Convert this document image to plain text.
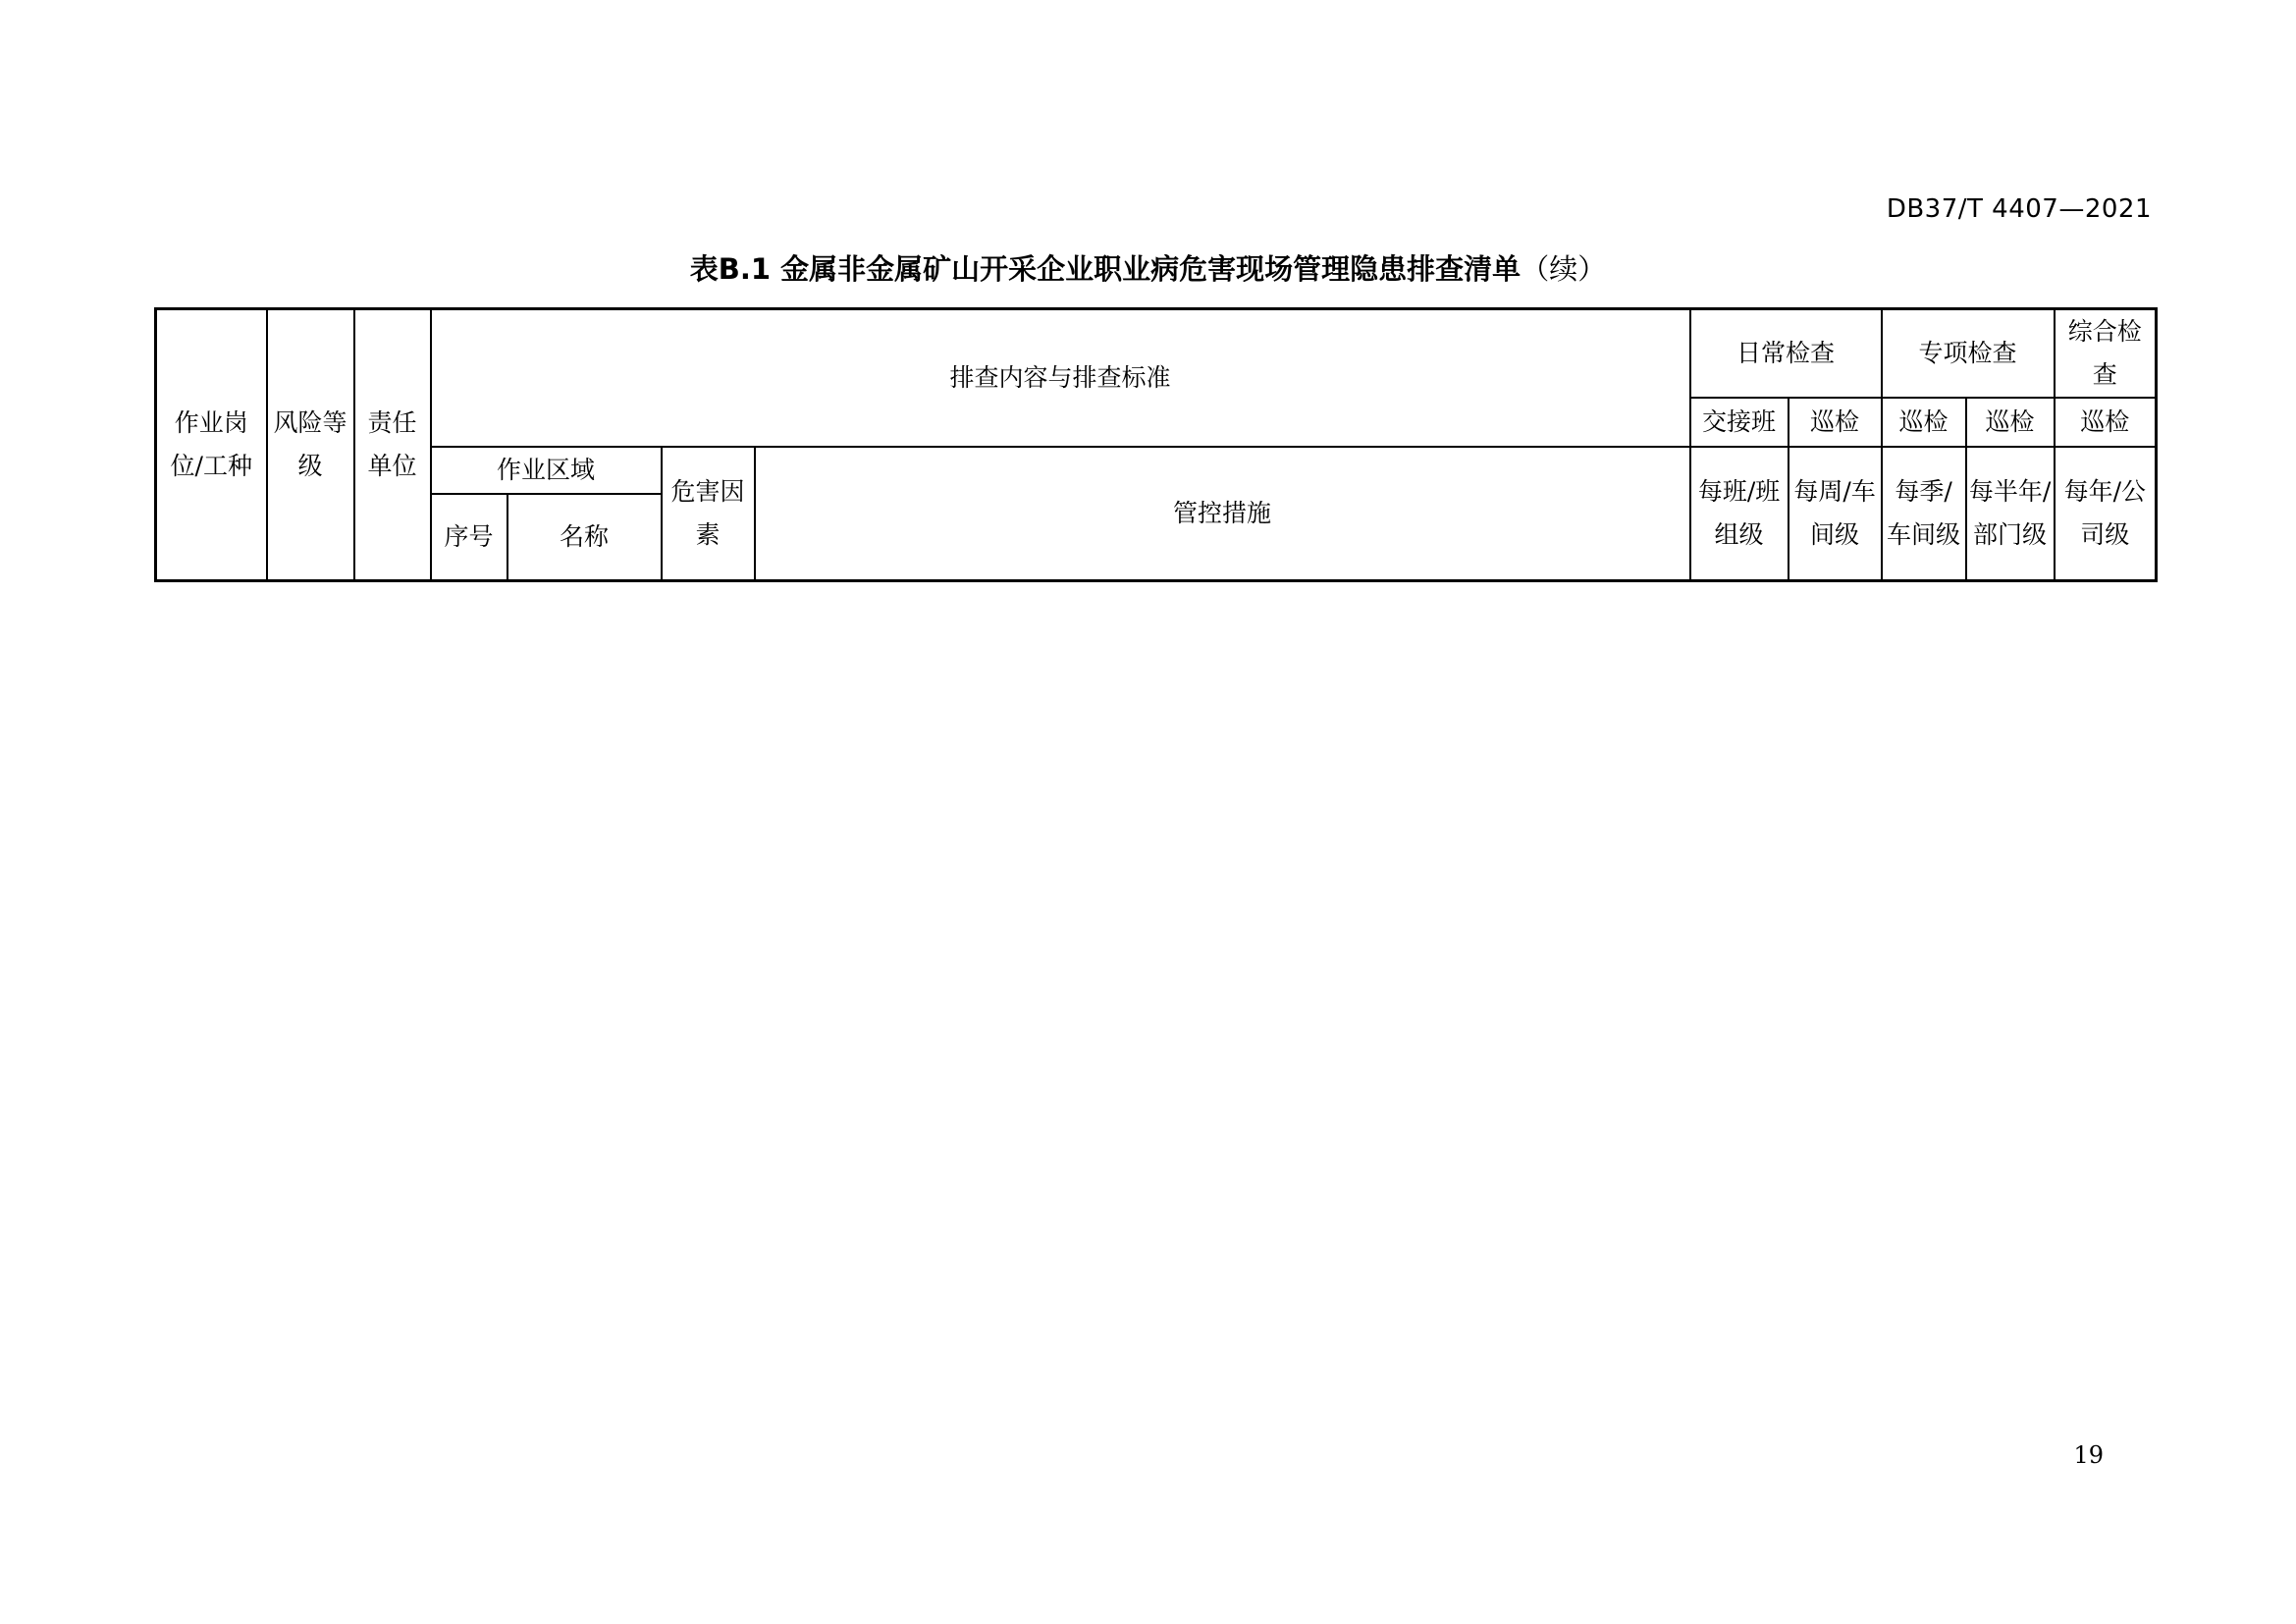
DB37/T 4407—2021
表B.1 金属非金属矿山开采企业职业病危害现场管理隐患排查清单（续）
作业岗位/工种	风险等级	责任单位	排查内容与排查标准			日常检查		专项检查		综合检查
						交接班	巡检	巡检	巡检	巡检

			作业区域
序号 名称	危害因素	管控措施	每班/班组级	每周/车间级	每季/车间级	每半年/部门级	每年/公司级
19
